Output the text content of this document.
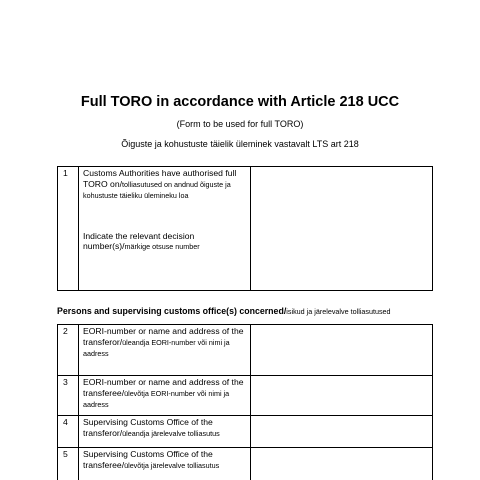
Full TORO in accordance with Article 218 UCC
(Form to be used for full TORO)
Õiguste ja kohustuste täielik üleminek vastavalt LTS art 218
1	Customs Authorities have authorised full TORO on/tolliasutused on andnud õiguste ja kohustuste täieliku ülemineku loa
Indicate the relevant decision number(s)/märkige otsuse number	
Persons and supervising customs office(s) concerned/isikud ja järelevalve tolliasutused
2	EORI-number or name and address of the transferor/üleandja EORI-number või nimi ja aadress	
3	EORI-number or name and address of the transferee/ülevõtja EORI-number või nimi ja aadress	
4	Supervising Customs Office of the transferor/üleandja järelevalve tolliasutus	
5	Supervising Customs Office of the transferee/ülevõtja järelevalve tolliasutus	
